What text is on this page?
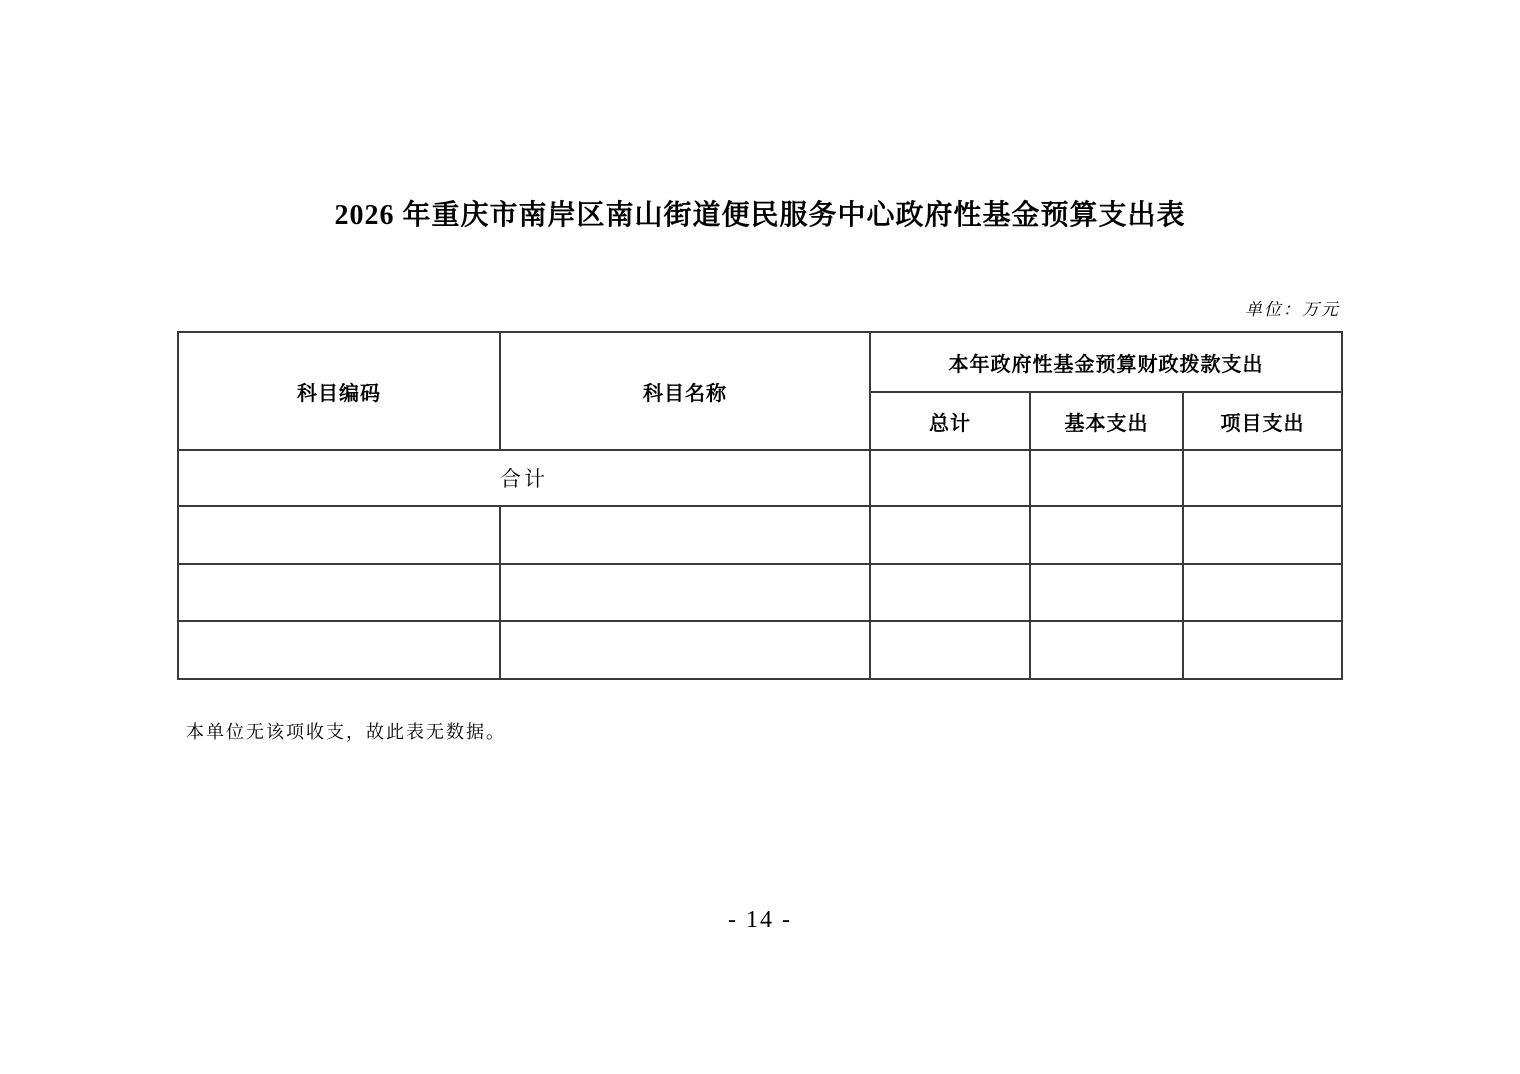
2026 年重庆市南岸区南山街道便民服务中心政府性基金预算支出表
单位：万元
科目编码	科目名称	本年政府性基金预算财政拨款支出		
		总计	基本支出	项目支出
合计				

本单位无该项收支，故此表无数据。
- 14 -
